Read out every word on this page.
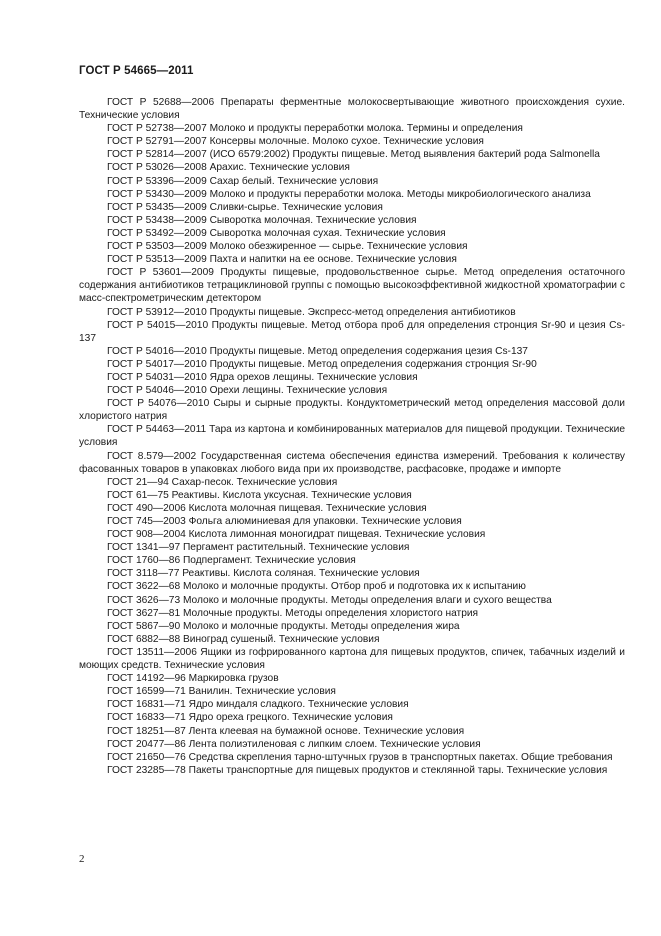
ГОСТ Р 54665—2011

ГОСТ Р 52688—2006 Препараты ферментные молокосвертывающие животного происхождения сухие. Технические условия

ГОСТ Р 52738—2007 Молоко и продукты переработки молока. Термины и определения

ГОСТ Р 52791—2007 Консервы молочные. Молоко сухое. Технические условия

ГОСТ Р 52814—2007 (ИСО 6579:2002) Продукты пищевые. Метод выявления бактерий рода Salmonella

ГОСТ Р 53026—2008 Арахис. Технические условия

ГОСТ Р 53396—2009 Сахар белый. Технические условия

ГОСТ Р 53430—2009 Молоко и продукты переработки молока. Методы микробиологического анализа

ГОСТ Р 53435—2009 Сливки-сырье. Технические условия

ГОСТ Р 53438—2009 Сыворотка молочная. Технические условия

ГОСТ Р 53492—2009 Сыворотка молочная сухая. Технические условия

ГОСТ Р 53503—2009 Молоко обезжиренное — сырье. Технические условия

ГОСТ Р 53513—2009 Пахта и напитки на ее основе. Технические условия

ГОСТ Р 53601—2009 Продукты пищевые, продовольственное сырье. Метод определения остаточного содержания антибиотиков тетрациклиновой группы с помощью высокоэффективной жидкостной хроматографии с масс-спектрометрическим детектором

ГОСТ Р 53912—2010 Продукты пищевые. Экспресс-метод определения антибиотиков

ГОСТ Р 54015—2010 Продукты пищевые. Метод отбора проб для определения стронция Sr-90 и цезия Cs-137

ГОСТ Р 54016—2010 Продукты пищевые. Метод определения содержания цезия Cs-137

ГОСТ Р 54017—2010 Продукты пищевые. Метод определения содержания стронция Sr-90

ГОСТ Р 54031—2010 Ядра орехов лещины. Технические условия

ГОСТ Р 54046—2010 Орехи лещины. Технические условия

ГОСТ Р 54076—2010 Сыры и сырные продукты. Кондуктометрический метод определения массовой доли хлористого натрия

ГОСТ Р 54463—2011 Тара из картона и комбинированных материалов для пищевой продукции. Технические условия

ГОСТ 8.579—2002 Государственная система обеспечения единства измерений. Требования к количеству фасованных товаров в упаковках любого вида при их производстве, расфасовке, продаже и импорте

ГОСТ 21—94 Сахар-песок. Технические условия

ГОСТ 61—75 Реактивы. Кислота уксусная. Технические условия

ГОСТ 490—2006 Кислота молочная пищевая. Технические условия

ГОСТ 745—2003 Фольга алюминиевая для упаковки. Технические условия

ГОСТ 908—2004 Кислота лимонная моногидрат пищевая. Технические условия

ГОСТ 1341—97 Пергамент растительный. Технические условия

ГОСТ 1760—86 Подпергамент. Технические условия

ГОСТ 3118—77 Реактивы. Кислота соляная. Технические условия

ГОСТ 3622—68 Молоко и молочные продукты. Отбор проб и подготовка их к испытанию

ГОСТ 3626—73 Молоко и молочные продукты. Методы определения влаги и сухого вещества

ГОСТ 3627—81 Молочные продукты. Методы определения хлористого натрия

ГОСТ 5867—90 Молоко и молочные продукты. Методы определения жира

ГОСТ 6882—88 Виноград сушеный. Технические условия

ГОСТ 13511—2006 Ящики из гофрированного картона для пищевых продуктов, спичек, табачных изделий и моющих средств. Технические условия

ГОСТ 14192—96 Маркировка грузов

ГОСТ 16599—71 Ванилин. Технические условия

ГОСТ 16831—71 Ядро миндаля сладкого. Технические условия

ГОСТ 16833—71 Ядро ореха грецкого. Технические условия

ГОСТ 18251—87 Лента клеевая на бумажной основе. Технические условия

ГОСТ 20477—86 Лента полиэтиленовая с липким слоем. Технические условия

ГОСТ 21650—76 Средства скрепления тарно-штучных грузов в транспортных пакетах. Общие требования

ГОСТ 23285—78 Пакеты транспортные для пищевых продуктов и стеклянной тары. Технические условия

2
